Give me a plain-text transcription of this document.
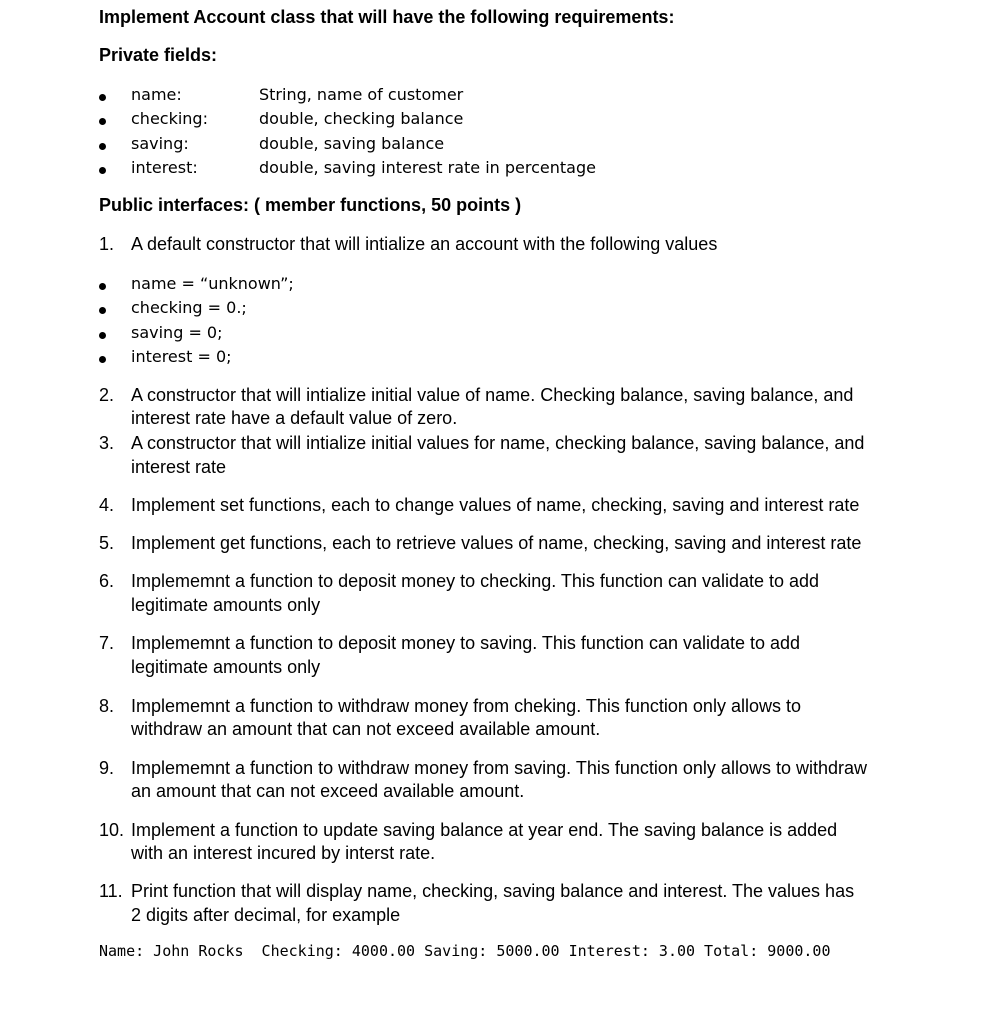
Implement Account class that will have the following requirements:
Private fields:
name:	String, name of customer
checking:	double, checking balance
saving:	double, saving balance
interest:	double, saving interest rate in percentage
Public interfaces: ( member functions, 50 points )
1. A default constructor that will intialize an account with the following values
name = “unknown”;
checking = 0.;
saving = 0;
interest = 0;
2. A constructor that will intialize initial value of name. Checking balance, saving balance, and
interest rate have a default value of zero.
3. A constructor that will intialize initial values for name, checking balance, saving balance, and
interest rate
4. Implement set functions, each to change values of name, checking, saving and interest rate
5. Implement get functions, each to retrieve values of name, checking, saving and interest rate
6. Implememnt a function to deposit money to checking. This function can validate to add
legitimate amounts only
7. Implememnt a function to deposit money to saving. This function can validate to add
legitimate amounts only
8. Implememnt a function to withdraw money from cheking. This function only allows to
withdraw an amount that can not exceed available amount.
9. Implememnt a function to withdraw money from saving. This function only allows to withdraw
an amount that can not exceed available amount.
10. Implement a function to update saving balance at year end. The saving balance is added
with an interest incured by interst rate.
11. Print function that will display name, checking, saving balance and interest. The values has
2 digits after decimal, for example
Name: John Rocks  Checking: 4000.00 Saving: 5000.00 Interest: 3.00 Total: 9000.00
